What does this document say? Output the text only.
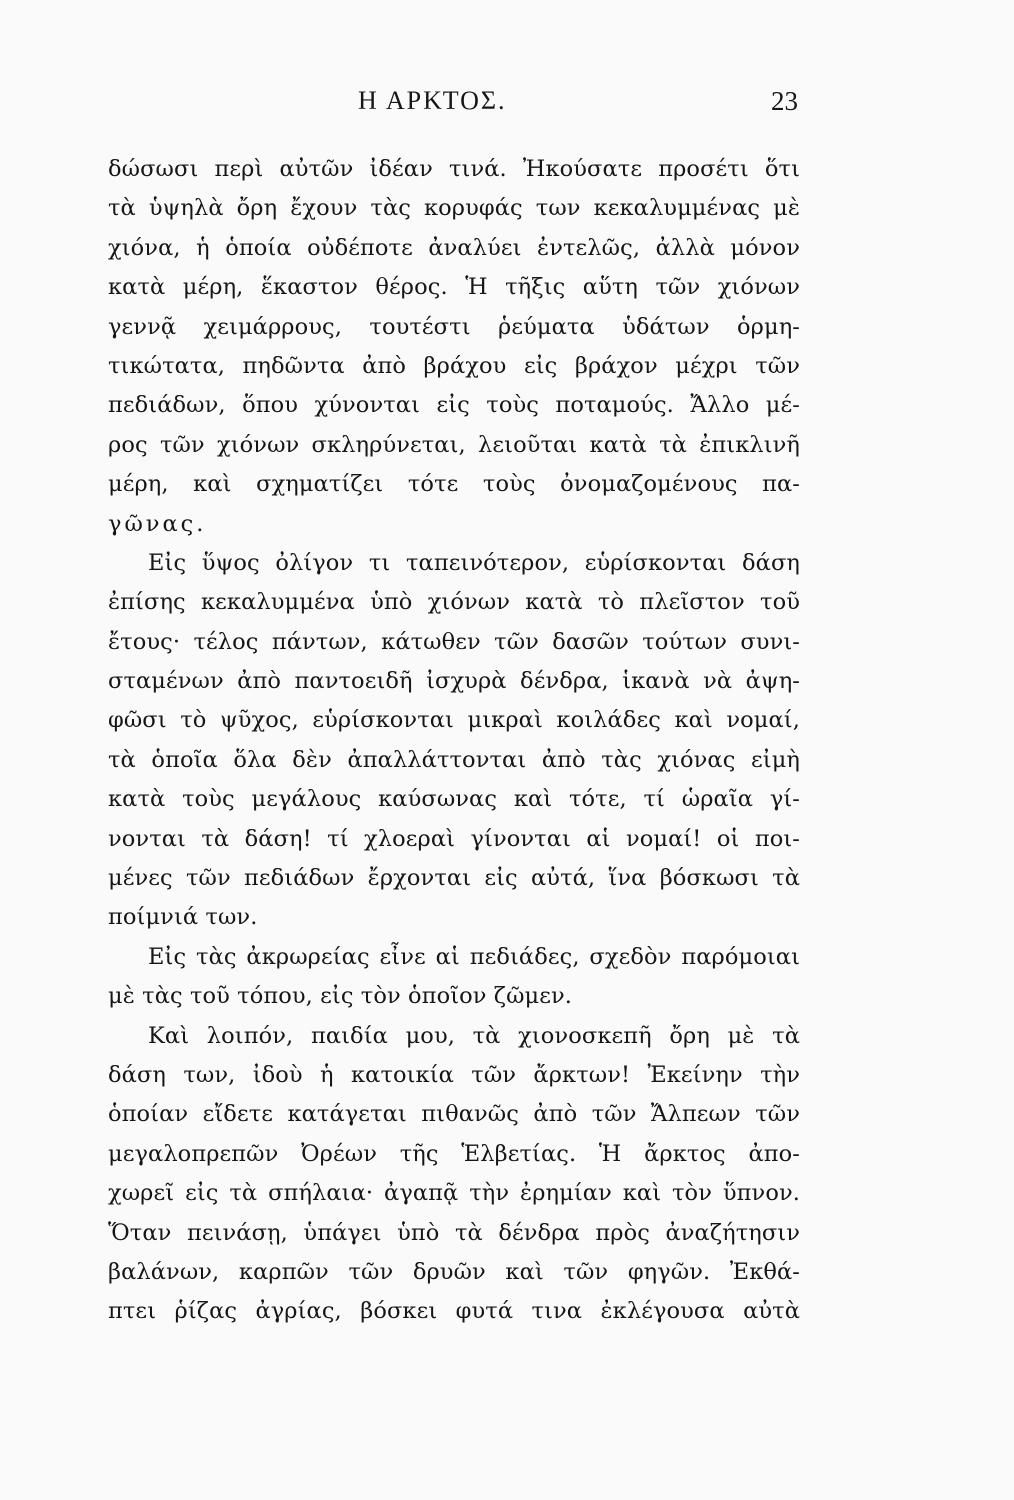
Η ΑΡΚΤΟΣ.	23
δώσωσι περὶ αὐτῶν ἰδέαν τινά. Ἠκούσατε προσέτι ὅτι
τὰ ὑψηλὰ ὄρη ἔχουν τὰς κορυφάς των κεκαλυμμένας μὲ
χιόνα, ἡ ὁποία οὐδέποτε ἀναλύει ἐντελῶς, ἀλλὰ μόνον
κατὰ μέρη, ἕκαστον θέρος. Ἡ τῆξις αὕτη τῶν χιόνων
γεννᾷ χειμάρρους, τουτέστι ῥεύματα ὑδάτων ὁρμη-
τικώτατα, πηδῶντα ἀπὸ βράχου εἰς βράχον μέχρι τῶν
πεδιάδων, ὅπου χύνονται εἰς τοὺς ποταμούς. Ἄλλο μέ-
ρος τῶν χιόνων σκληρύνεται, λειοῦται κατὰ τὰ ἐπικλινῆ
μέρη, καὶ σχηματίζει τότε τοὺς ὀνομαζομένους πα-
γῶνας.
Εἰς ὕψος ὀλίγον τι ταπεινότερον, εὑρίσκονται δάση
ἐπίσης κεκαλυμμένα ὑπὸ χιόνων κατὰ τὸ πλεῖστον τοῦ
ἔτους· τέλος πάντων, κάτωθεν τῶν δασῶν τούτων συνι-
σταμένων ἀπὸ παντοειδῆ ἰσχυρὰ δένδρα, ἱκανὰ νὰ ἀψη-
φῶσι τὸ ψῦχος, εὑρίσκονται μικραὶ κοιλάδες καὶ νομαί,
τὰ ὁποῖα ὅλα δὲν ἀπαλλάττονται ἀπὸ τὰς χιόνας εἰμὴ
κατὰ τοὺς μεγάλους καύσωνας καὶ τότε, τί ὡραῖα γί-
νονται τὰ δάση! τί χλοεραὶ γίνονται αἱ νομαί! οἱ ποι-
μένες τῶν πεδιάδων ἔρχονται εἰς αὐτά, ἵνα βόσκωσι τὰ
ποίμνιά των.
Εἰς τὰς ἀκρωρείας εἶνε αἱ πεδιάδες, σχεδὸν παρόμοιαι
μὲ τὰς τοῦ τόπου, εἰς τὸν ὁποῖον ζῶμεν.
Καὶ λοιπόν, παιδία μου, τὰ χιονοσκεπῆ ὄρη μὲ τὰ
δάση των, ἰδοὺ ἡ κατοικία τῶν ἄρκτων! Ἐκείνην τὴν
ὁποίαν εἴδετε κατάγεται πιθανῶς ἀπὸ τῶν Ἄλπεων τῶν
μεγαλοπρεπῶν Ὀρέων τῆς Ἑλβετίας. Ἡ ἄρκτος ἀπο-
χωρεῖ εἰς τὰ σπήλαια· ἀγαπᾷ τὴν ἐρημίαν καὶ τὸν ὕπνον.
Ὅταν πεινάσῃ, ὑπάγει ὑπὸ τὰ δένδρα πρὸς ἀναζήτησιν
βαλάνων, καρπῶν τῶν δρυῶν καὶ τῶν φηγῶν. Ἐκθά-
πτει ῥίζας ἀγρίας, βόσκει φυτά τινα ἐκλέγουσα αὐτὰ
